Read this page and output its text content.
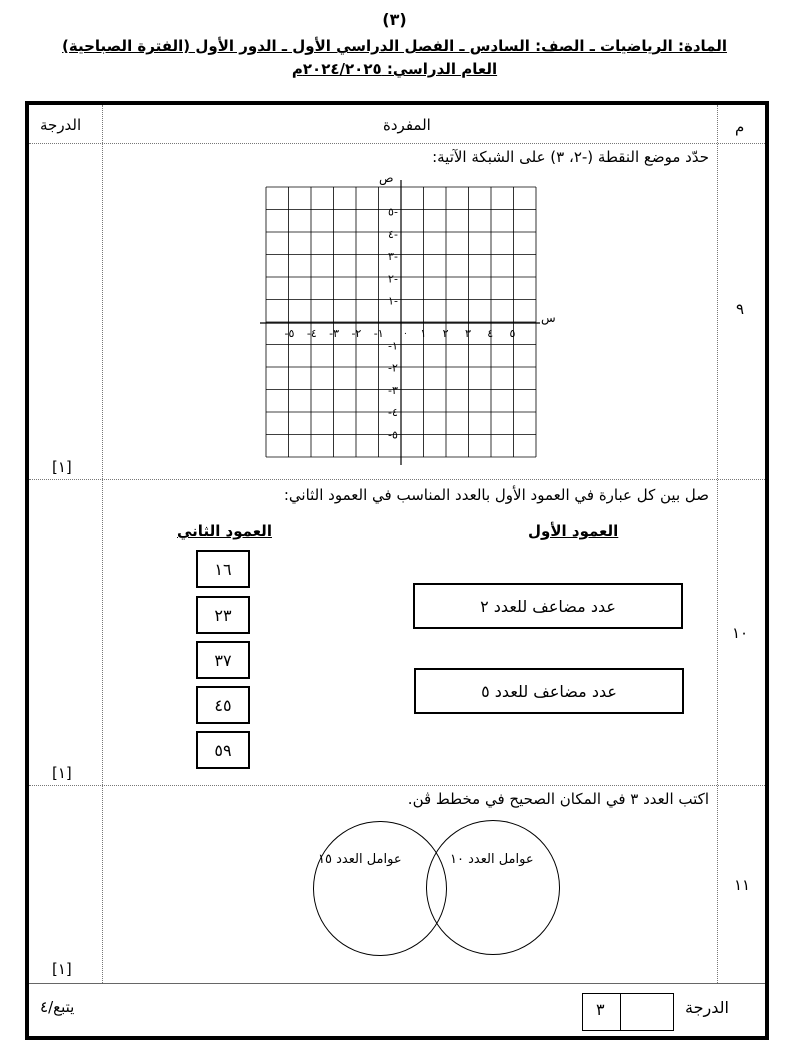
(٣)
المادة: الرياضيات ـ الصف: السادس ـ الفصل الدراسي الأول ـ الدور الأول (الفترة الصباحية)
العام الدراسي: ٢٠٢٤/٢٠٢٥م
الدرجة	المفردة	م
٩
حدّد موضع النقطة (-٢، ٣) على الشبكة الآتية:
[١]
ص
س
٠ ١ ٢ ٣ ٤ ٥
-١
-٢
-٣
-٤
-٥
١-
٢-
٣-
٤-
٥-
-١
-٢
-٣
-٤
-٥
١٠
صل بين كل عبارة في العمود الأول بالعدد المناسب في العمود الثاني:
العمود الأول
العمود الثاني
عدد مضاعف للعدد ٢
عدد مضاعف للعدد ٥
١٦
٢٣
٣٧
٤٥
٥٩
[١]
١١
اكتب العدد ٣ في المكان الصحيح في مخطط ڤن.
عوامل العدد ١٥	عوامل العدد ١٠
[١]
الدرجة
٣
يتبع/٤
